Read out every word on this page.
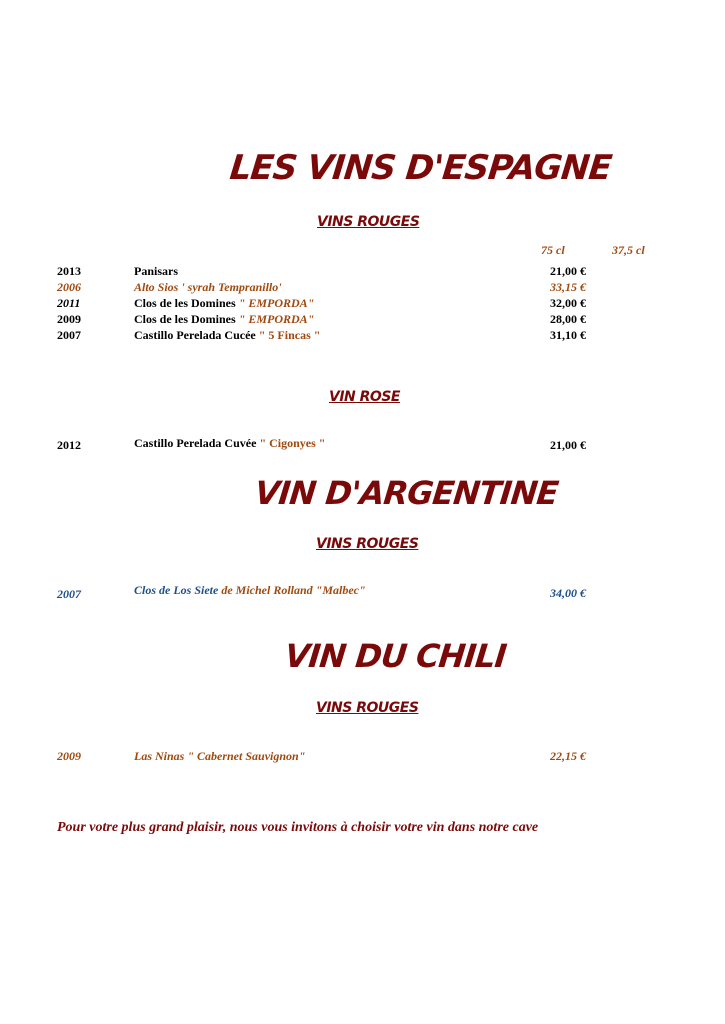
LES VINS D'ESPAGNE
VINS ROUGES
75 cl	37,5 cl
2013	Panisars	21,00 €
2006	Alto Sios ' syrah Tempranillo'	33,15 €
2011	Clos de les Domines " EMPORDA"	32,00 €
2009	Clos de les Domines " EMPORDA"	28,00 €
2007	Castillo Perelada Cucée " 5 Fincas "	31,10 €
VIN ROSE
2012	Castillo Perelada Cuvée " Cigonyes "	21,00 €
VIN D'ARGENTINE
VINS ROUGES
2007	Clos de Los Siete de Michel Rolland "Malbec"	34,00 €
VIN DU CHILI
VINS ROUGES
2009	Las Ninas " Cabernet Sauvignon"	22,15 €
Pour votre plus grand plaisir, nous vous invitons à choisir votre vin dans notre cave
